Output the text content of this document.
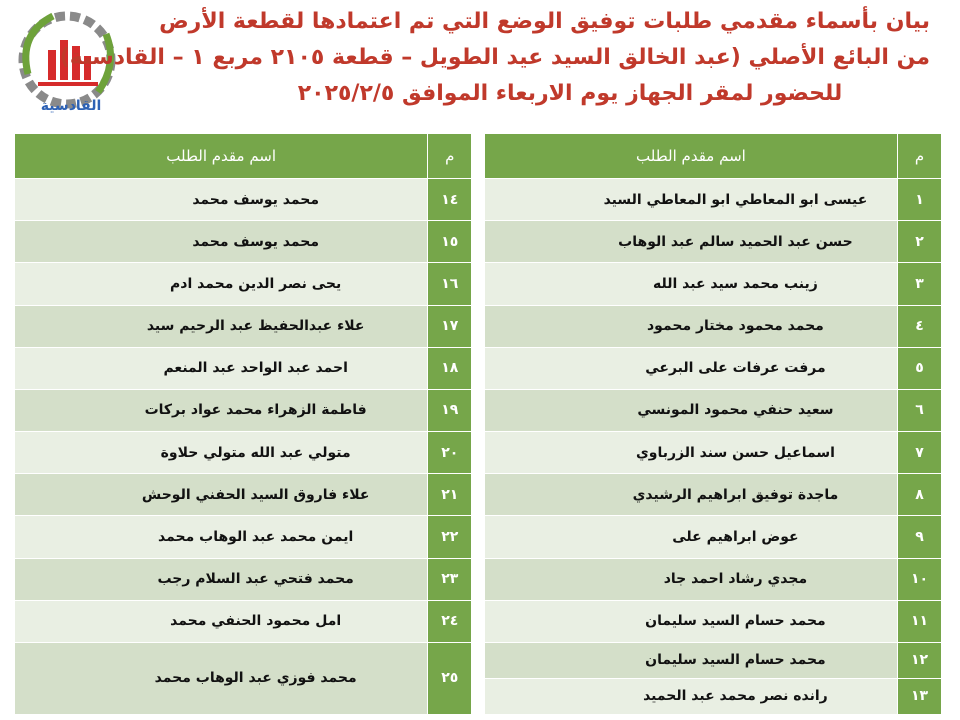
القادسية
بيان بأسماء مقدمي طلبات توفيق الوضع التي تم اعتمادها لقطعة الأرض
من البائع الأصلي (عبد الخالق السيد عيد الطويل – قطعة ٢١٠٥ مربع ١ – القادسية)
للحضور لمقر الجهاز يوم الاربعاء الموافق ٢٠٢٥/٢/٥
م	اسم مقدم الطلب		م	اسم مقدم الطلب
١	عيسى ابو المعاطي ابو المعاطي السيد		١٤	محمد يوسف محمد
٢	حسن عبد الحميد سالم عبد الوهاب		١٥	محمد يوسف محمد
٣	زينب محمد سيد عبد الله		١٦	يحى نصر الدين محمد ادم
٤	محمد محمود مختار محمود		١٧	علاء عبدالحفيظ عبد الرحيم سيد
٥	مرفت عرفات على البرعي		١٨	احمد عبد الواحد عبد المنعم
٦	سعيد حنفي محمود المونسي		١٩	فاطمة الزهراء محمد عواد بركات
٧	اسماعيل حسن سند الزرباوي		٢٠	متولي عبد الله متولي حلاوة
٨	ماجدة توفيق ابراهيم الرشيدي		٢١	علاء فاروق السيد الحفني الوحش
٩	عوض ابراهيم على		٢٢	ايمن محمد عبد الوهاب محمد
١٠	مجدي رشاد احمد جاد		٢٣	محمد فتحي عبد السلام رجب
١١	محمد حسام السيد سليمان		٢٤	امل محمود الحنفي محمد
١٢	محمد حسام السيد سليمان		٢٥	محمد فوزي عبد الوهاب محمد
١٣	رانده نصر محمد عبد الحميد			
